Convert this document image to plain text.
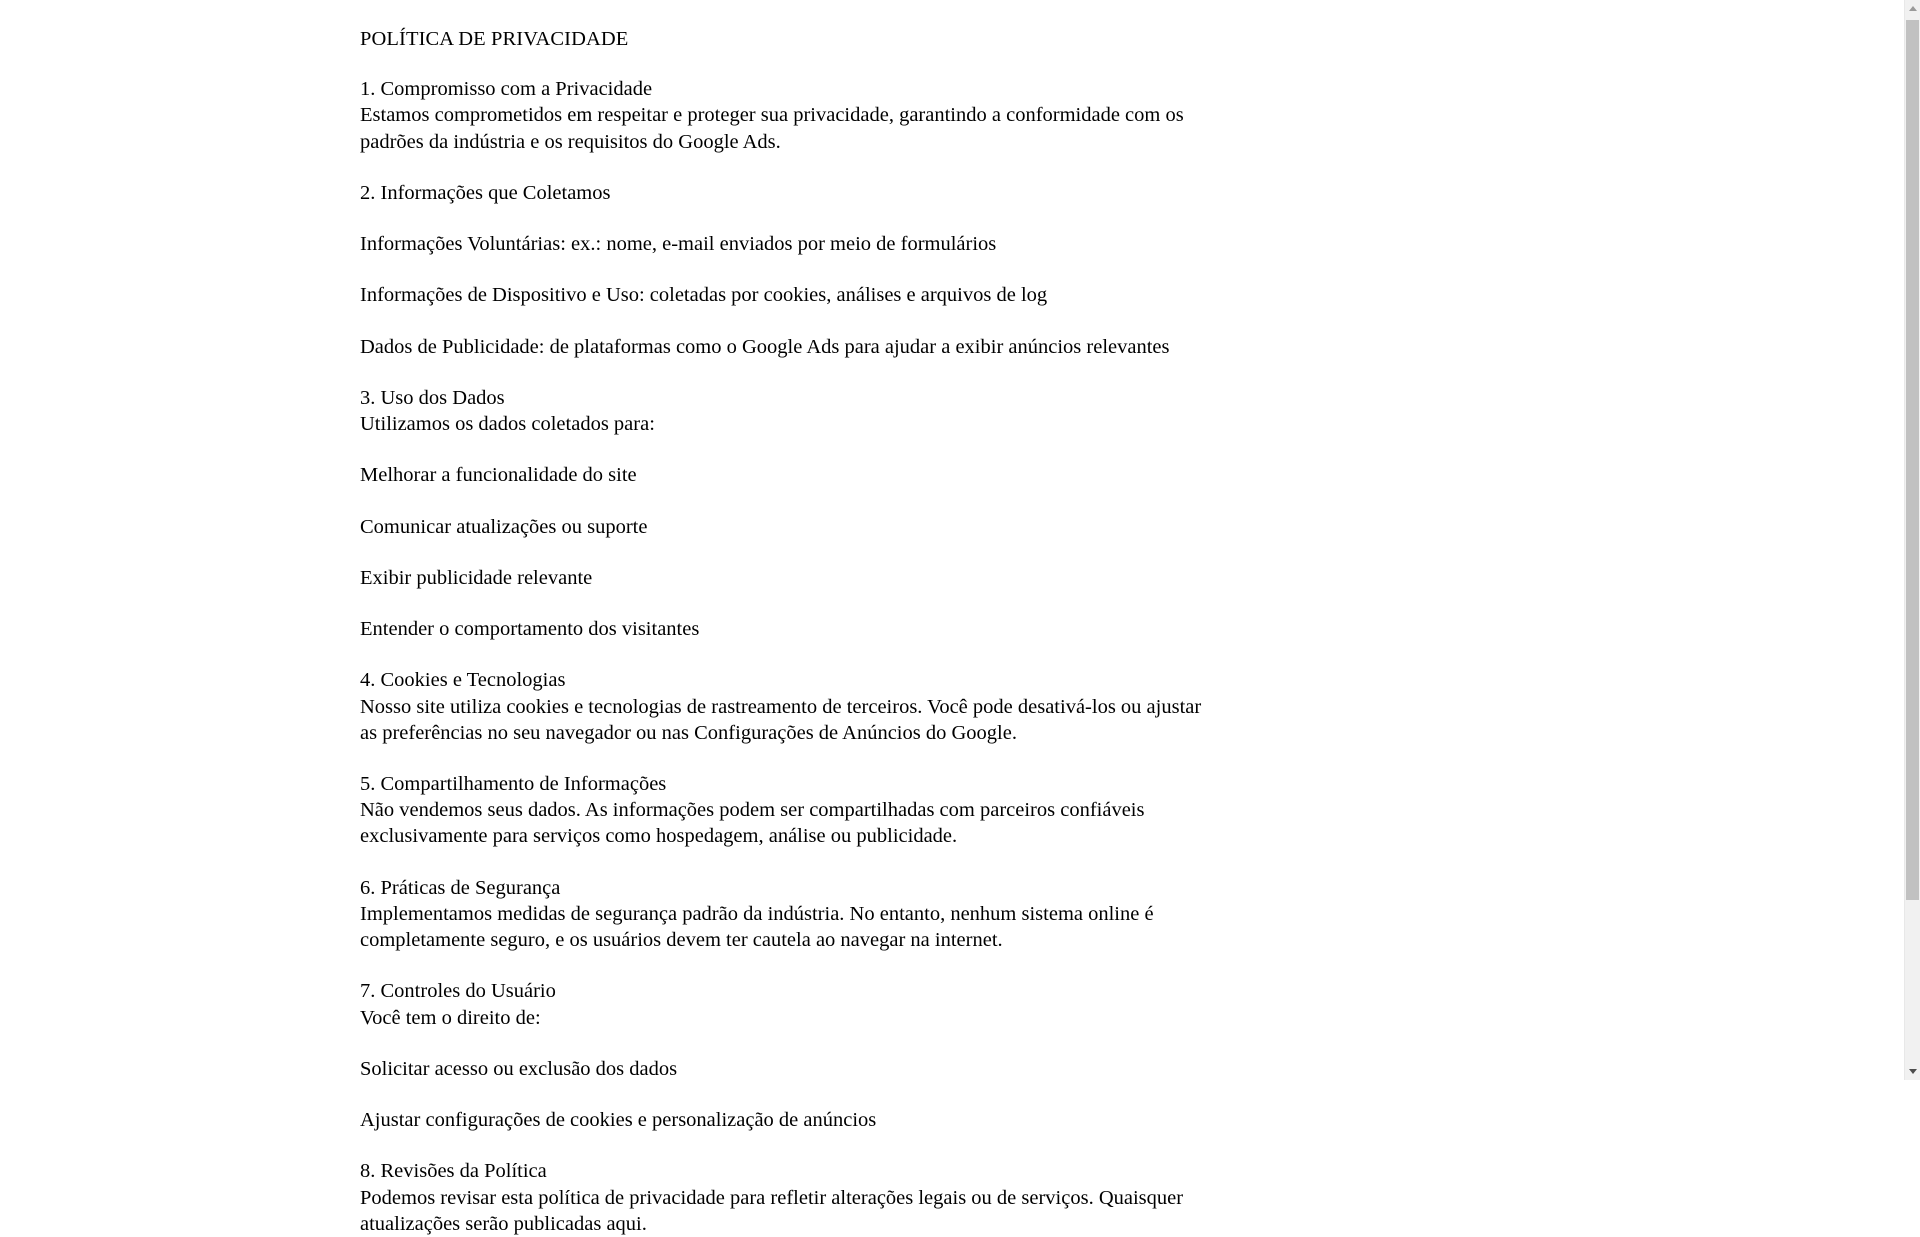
POLÍTICA DE PRIVACIDADE
1. Compromisso com a Privacidade
Estamos comprometidos em respeitar e proteger sua privacidade, garantindo a conformidade com os padrões da indústria e os requisitos do Google Ads.
2. Informações que Coletamos
Informações Voluntárias: ex.: nome, e-mail enviados por meio de formulários
Informações de Dispositivo e Uso: coletadas por cookies, análises e arquivos de log
Dados de Publicidade: de plataformas como o Google Ads para ajudar a exibir anúncios relevantes
3. Uso dos Dados
Utilizamos os dados coletados para:
Melhorar a funcionalidade do site
Comunicar atualizações ou suporte
Exibir publicidade relevante
Entender o comportamento dos visitantes
4. Cookies e Tecnologias
Nosso site utiliza cookies e tecnologias de rastreamento de terceiros. Você pode desativá-los ou ajustar as preferências no seu navegador ou nas Configurações de Anúncios do Google.
5. Compartilhamento de Informações
Não vendemos seus dados. As informações podem ser compartilhadas com parceiros confiáveis exclusivamente para serviços como hospedagem, análise ou publicidade.
6. Práticas de Segurança
Implementamos medidas de segurança padrão da indústria. No entanto, nenhum sistema online é completamente seguro, e os usuários devem ter cautela ao navegar na internet.
7. Controles do Usuário
Você tem o direito de:
Solicitar acesso ou exclusão dos dados
Ajustar configurações de cookies e personalização de anúncios
8. Revisões da Política
Podemos revisar esta política de privacidade para refletir alterações legais ou de serviços. Quaisquer atualizações serão publicadas aqui.
